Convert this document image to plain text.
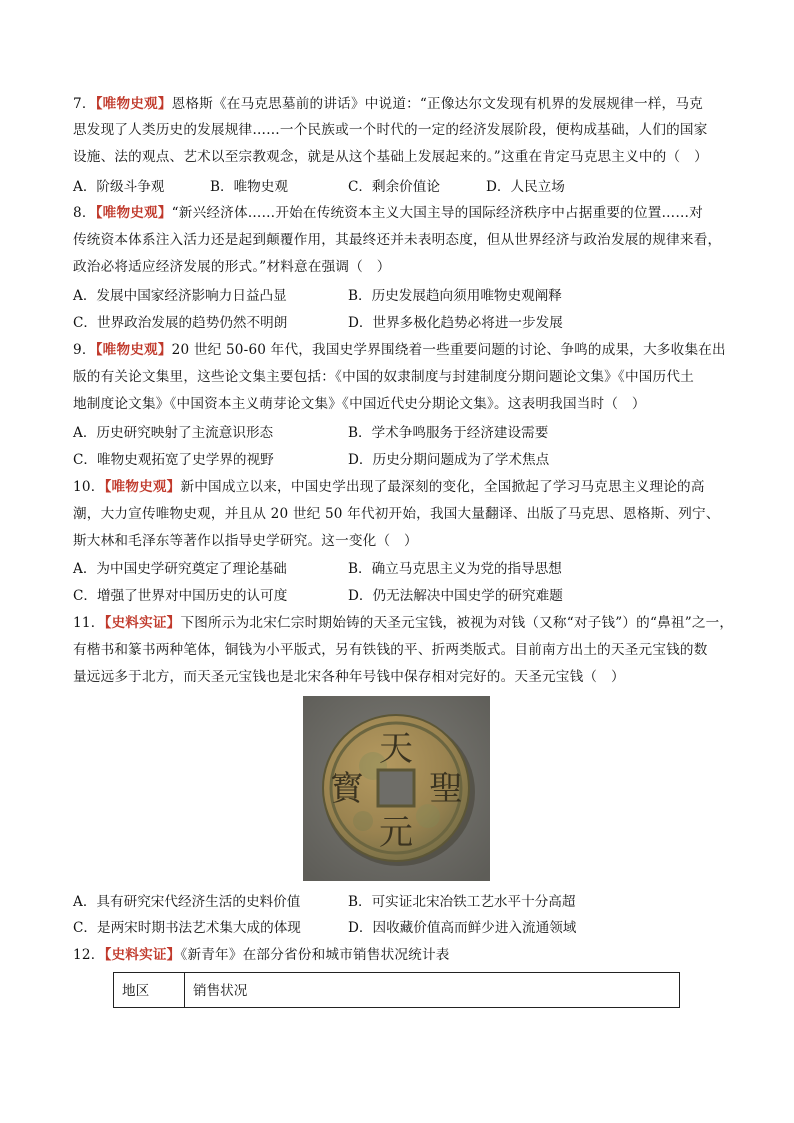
7．【唯物史观】恩格斯《在马克思墓前的讲话》中说道：“正像达尔文发现有机界的发展规律一样，马克
思发现了人类历史的发展规律……一个民族或一个时代的一定的经济发展阶段，便构成基础，人们的国家
设施、法的观点、艺术以至宗教观念，就是从这个基础上发展起来的。”这重在肯定马克思主义中的（　）
A．阶级斗争观	B．唯物史观	C．剩余价值论	D．人民立场
8．【唯物史观】“新兴经济体……开始在传统资本主义大国主导的国际经济秩序中占据重要的位置……对
传统资本体系注入活力还是起到颠覆作用，其最终还并未表明态度，但从世界经济与政治发展的规律来看，
政治必将适应经济发展的形式。”材料意在强调（　）
A．发展中国家经济影响力日益凸显	B．历史发展趋向须用唯物史观阐释
C．世界政治发展的趋势仍然不明朗	D．世界多极化趋势必将进一步发展
9．【唯物史观】20 世纪 50-60 年代，我国史学界围绕着一些重要问题的讨论、争鸣的成果，大多收集在出
版的有关论文集里，这些论文集主要包括：《中国的奴隶制度与封建制度分期问题论文集》《中国历代土
地制度论文集》《中国资本主义萌芽论文集》《中国近代史分期论文集》。这表明我国当时（　）
A．历史研究映射了主流意识形态	B．学术争鸣服务于经济建设需要
C．唯物史观拓宽了史学界的视野	D．历史分期问题成为了学术焦点
10．【唯物史观】新中国成立以来，中国史学出现了最深刻的变化，全国掀起了学习马克思主义理论的高
潮，大力宣传唯物史观，并且从 20 世纪 50 年代初开始，我国大量翻译、出版了马克思、恩格斯、列宁、
斯大林和毛泽东等著作以指导史学研究。这一变化（　）
A．为中国史学研究奠定了理论基础	B．确立马克思主义为党的指导思想
C．增强了世界对中国历史的认可度	D．仍无法解决中国史学的研究难题
11．【史料实证】下图所示为北宋仁宗时期始铸的天圣元宝钱，被视为对钱（又称“对子钱”）的“鼻祖”之一，
有楷书和篆书两种笔体，铜钱为小平版式，另有铁钱的平、折两类版式。目前南方出土的天圣元宝钱的数
量远远多于北方，而天圣元宝钱也是北宋各种年号钱中保存相对完好的。天圣元宝钱（　）
天
聖
元
寳
A．具有研究宋代经济生活的史料价值	B．可实证北宋冶铁工艺水平十分高超
C．是两宋时期书法艺术集大成的体现	D．因收藏价值高而鲜少进入流通领域
12．【史料实证】《新青年》在部分省份和城市销售状况统计表
地区	销售状况
